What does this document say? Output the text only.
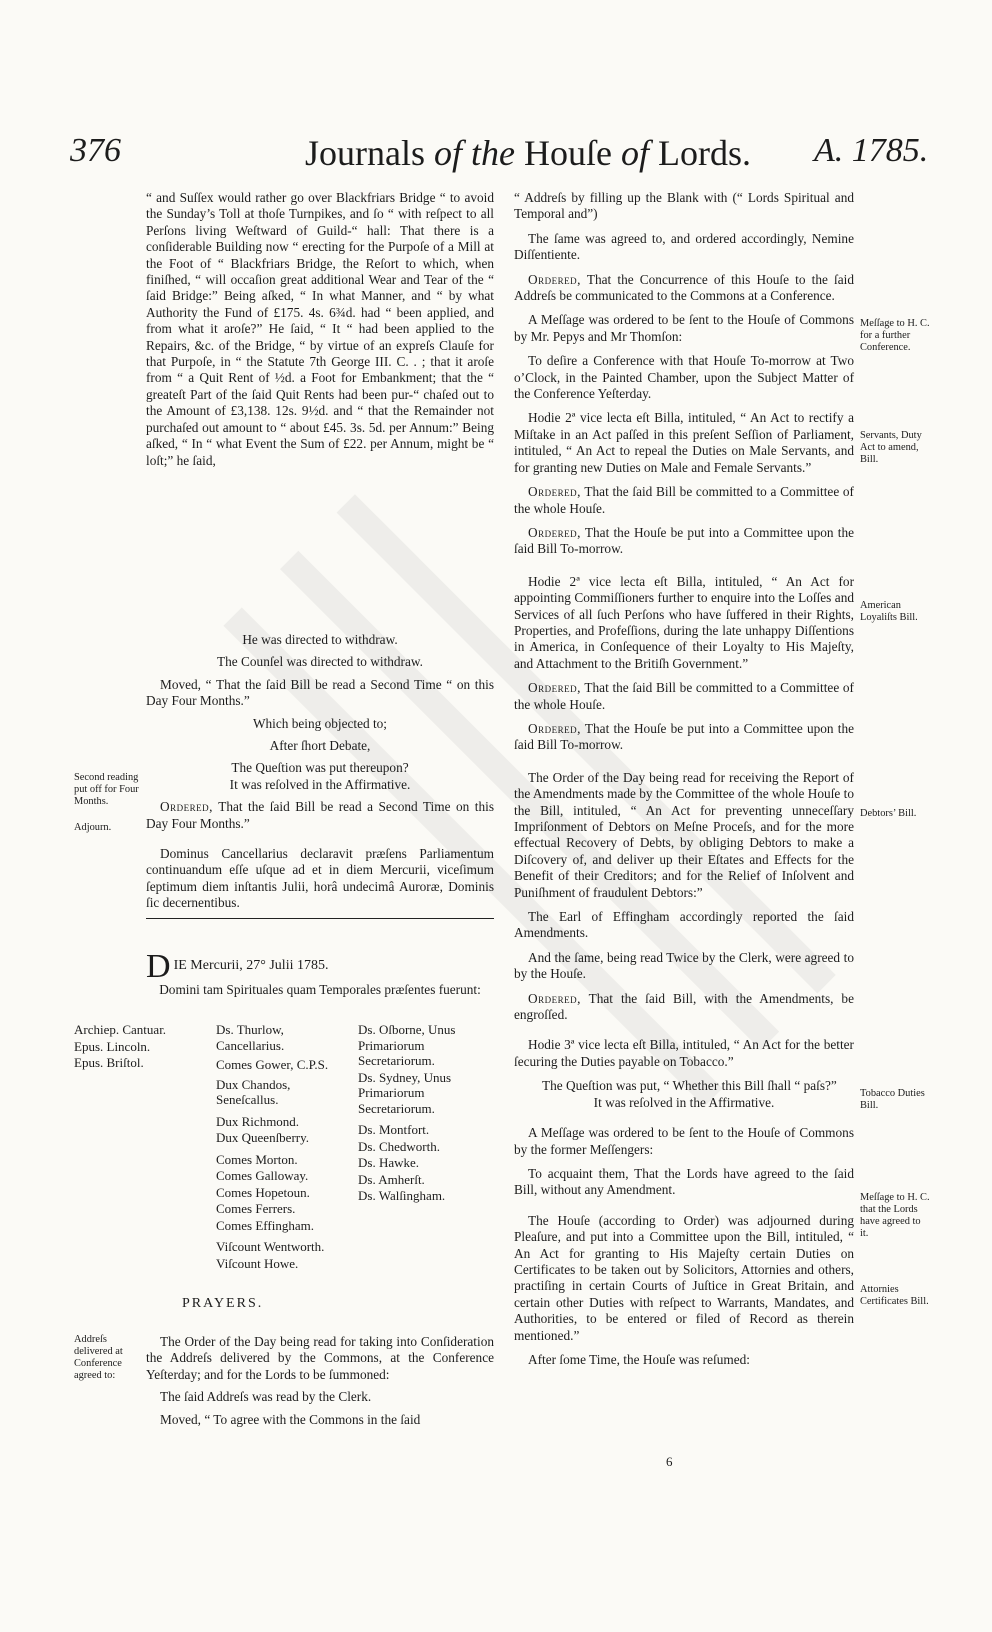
376	Journals of the Houſe of Lords. A. 1785.

“ and Suſſex would rather go over Blackfriars Bridge “ to avoid the Sunday’s Toll at thoſe Turnpikes, and ſo “ with reſpect to all Perſons living Weſtward of Guild-“ hall: That there is a conſiderable Building now “ erecting for the Purpoſe of a Mill at the Foot of “ Blackfriars Bridge, the Reſort to which, when finiſhed, “ will occaſion great additional Wear and Tear of the “ ſaid Bridge:” Being aſked, “ In what Manner, and “ by what Authority the Fund of £175. 4s. 6¾d. had “ been applied, and from what it aroſe?” He ſaid, “ It “ had been applied to the Repairs, &c. of the Bridge, “ by virtue of an expreſs Clauſe for that Purpoſe, in “ the Statute 7th George III. C. . ; that it aroſe from “ a Quit Rent of ½d. a Foot for Embankment; that the “ greateſt Part of the ſaid Quit Rents had been pur-“ chaſed out to the Amount of £3,138. 12s. 9½d. and “ that the Remainder not purchaſed out amount to “ about £45. 3s. 5d. per Annum:” Being aſked, “ In “ what Event the Sum of £22. per Annum, might be “ loſt;” he ſaid,

He was directed to withdraw.

The Counſel was directed to withdraw.

Moved, “ That the ſaid Bill be read a Second Time “ on this Day Four Months.”

Which being objected to;

After ſhort Debate,

The Queſtion was put thereupon?

It was reſolved in the Affirmative.

Ordered, That the ſaid Bill be read a Second Time on this Day Four Months.”

Dominus Cancellarius declaravit præſens Parliamentum continuandum eſſe uſque ad et in diem Mercurii, viceſimum ſeptimum diem inſtantis Julii, horâ undecimâ Auroræ, Dominis ſic decernentibus.

Second reading put off for Four Months.
Adjourn.
D IE Mercurii, 27° Julii 1785.
Domini tam Spirituales quam Temporales præſentes fuerunt:

Archiep. Cantuar.

Epus. Lincoln.

Epus. Briſtol.

Ds. Thurlow, Cancellarius.

Comes Gower, C.P.S.

Dux Chandos, Seneſcallus.

Dux Richmond.

Dux Queenſberry.

Comes Morton.

Comes Galloway.

Comes Hopetoun.

Comes Ferrers.

Comes Effingham.

Viſcount Wentworth.

Viſcount Howe.

Ds. Oſborne, Unus Primariorum Secretariorum.

Ds. Sydney, Unus Primariorum Secretariorum.

Ds. Montfort.

Ds. Chedworth.

Ds. Hawke.

Ds. Amherſt.

Ds. Walſingham.

PRAYERS.
Addreſs delivered at Conference agreed to:

The Order of the Day being read for taking into Conſideration the Addreſs delivered by the Commons, at the Conference Yeſterday; and for the Lords to be ſummoned:

The ſaid Addreſs was read by the Clerk.

Moved, “ To agree with the Commons in the ſaid

“ Addreſs by filling up the Blank with (“ Lords Spiritual and Temporal and”)

The ſame was agreed to, and ordered accordingly, Nemine Diſſentiente.

Ordered, That the Concurrence of this Houſe to the ſaid Addreſs be communicated to the Commons at a Conference.

A Meſſage was ordered to be ſent to the Houſe of Commons by Mr. Pepys and Mr Thomſon:

To deſire a Conference with that Houſe To-morrow at Two o’Clock, in the Painted Chamber, upon the Subject Matter of the Conference Yeſterday.

Hodie 2ª vice lecta eſt Billa, intituled, “ An Act to rectify a Miſtake in an Act paſſed in this preſent Seſſion of Parliament, intituled, “ An Act to repeal the Duties on Male Servants, and for granting new Duties on Male and Female Servants.”

Ordered, That the ſaid Bill be committed to a Committee of the whole Houſe.

Ordered, That the Houſe be put into a Committee upon the ſaid Bill To-morrow.

Hodie 2ª vice lecta eſt Billa, intituled, “ An Act for appointing Commiſſioners further to enquire into the Loſſes and Services of all ſuch Perſons who have ſuffered in their Rights, Properties, and Profeſſions, during the late unhappy Diſſentions in America, in Conſequence of their Loyalty to His Majeſty, and Attachment to the Britiſh Government.”

Ordered, That the ſaid Bill be committed to a Committee of the whole Houſe.

Ordered, That the Houſe be put into a Committee upon the ſaid Bill To-morrow.

The Order of the Day being read for receiving the Report of the Amendments made by the Committee of the whole Houſe to the Bill, intituled, “ An Act for preventing unneceſſary Impriſonment of Debtors on Meſne Proceſs, and for the more effectual Recovery of Debts, by obliging Debtors to make a Diſcovery of, and deliver up their Eſtates and Effects for the Benefit of their Creditors; and for the Relief of Inſolvent and Puniſhment of fraudulent Debtors:”

The Earl of Effingham accordingly reported the ſaid Amendments.

And the ſame, being read Twice by the Clerk, were agreed to by the Houſe.

Ordered, That the ſaid Bill, with the Amendments, be engroſſed.

Hodie 3ª vice lecta eſt Billa, intituled, “ An Act for the better ſecuring the Duties payable on Tobacco.”

The Queſtion was put, “ Whether this Bill ſhall “ paſs?”

It was reſolved in the Affirmative.

A Meſſage was ordered to be ſent to the Houſe of Commons by the former Meſſengers:

To acquaint them, That the Lords have agreed to the ſaid Bill, without any Amendment.

The Houſe (according to Order) was adjourned during Pleaſure, and put into a Committee upon the Bill, intituled, “ An Act for granting to His Majeſty certain Duties on Certificates to be taken out by Solicitors, Attornies and others, practiſing in certain Courts of Juſtice in Great Britain, and certain other Duties with reſpect to Warrants, Mandates, and Authorities, to be entered or filed of Record as therein mentioned.”

After ſome Time, the Houſe was reſumed:

Meſſage to H. C. for a further Conference.
Servants, Duty Act to amend, Bill.
American Loyaliſts Bill.
Debtors’ Bill.
Tobacco Duties Bill.
Meſſage to H. C. that the Lords have agreed to it.
Attornies Certificates Bill.
6
